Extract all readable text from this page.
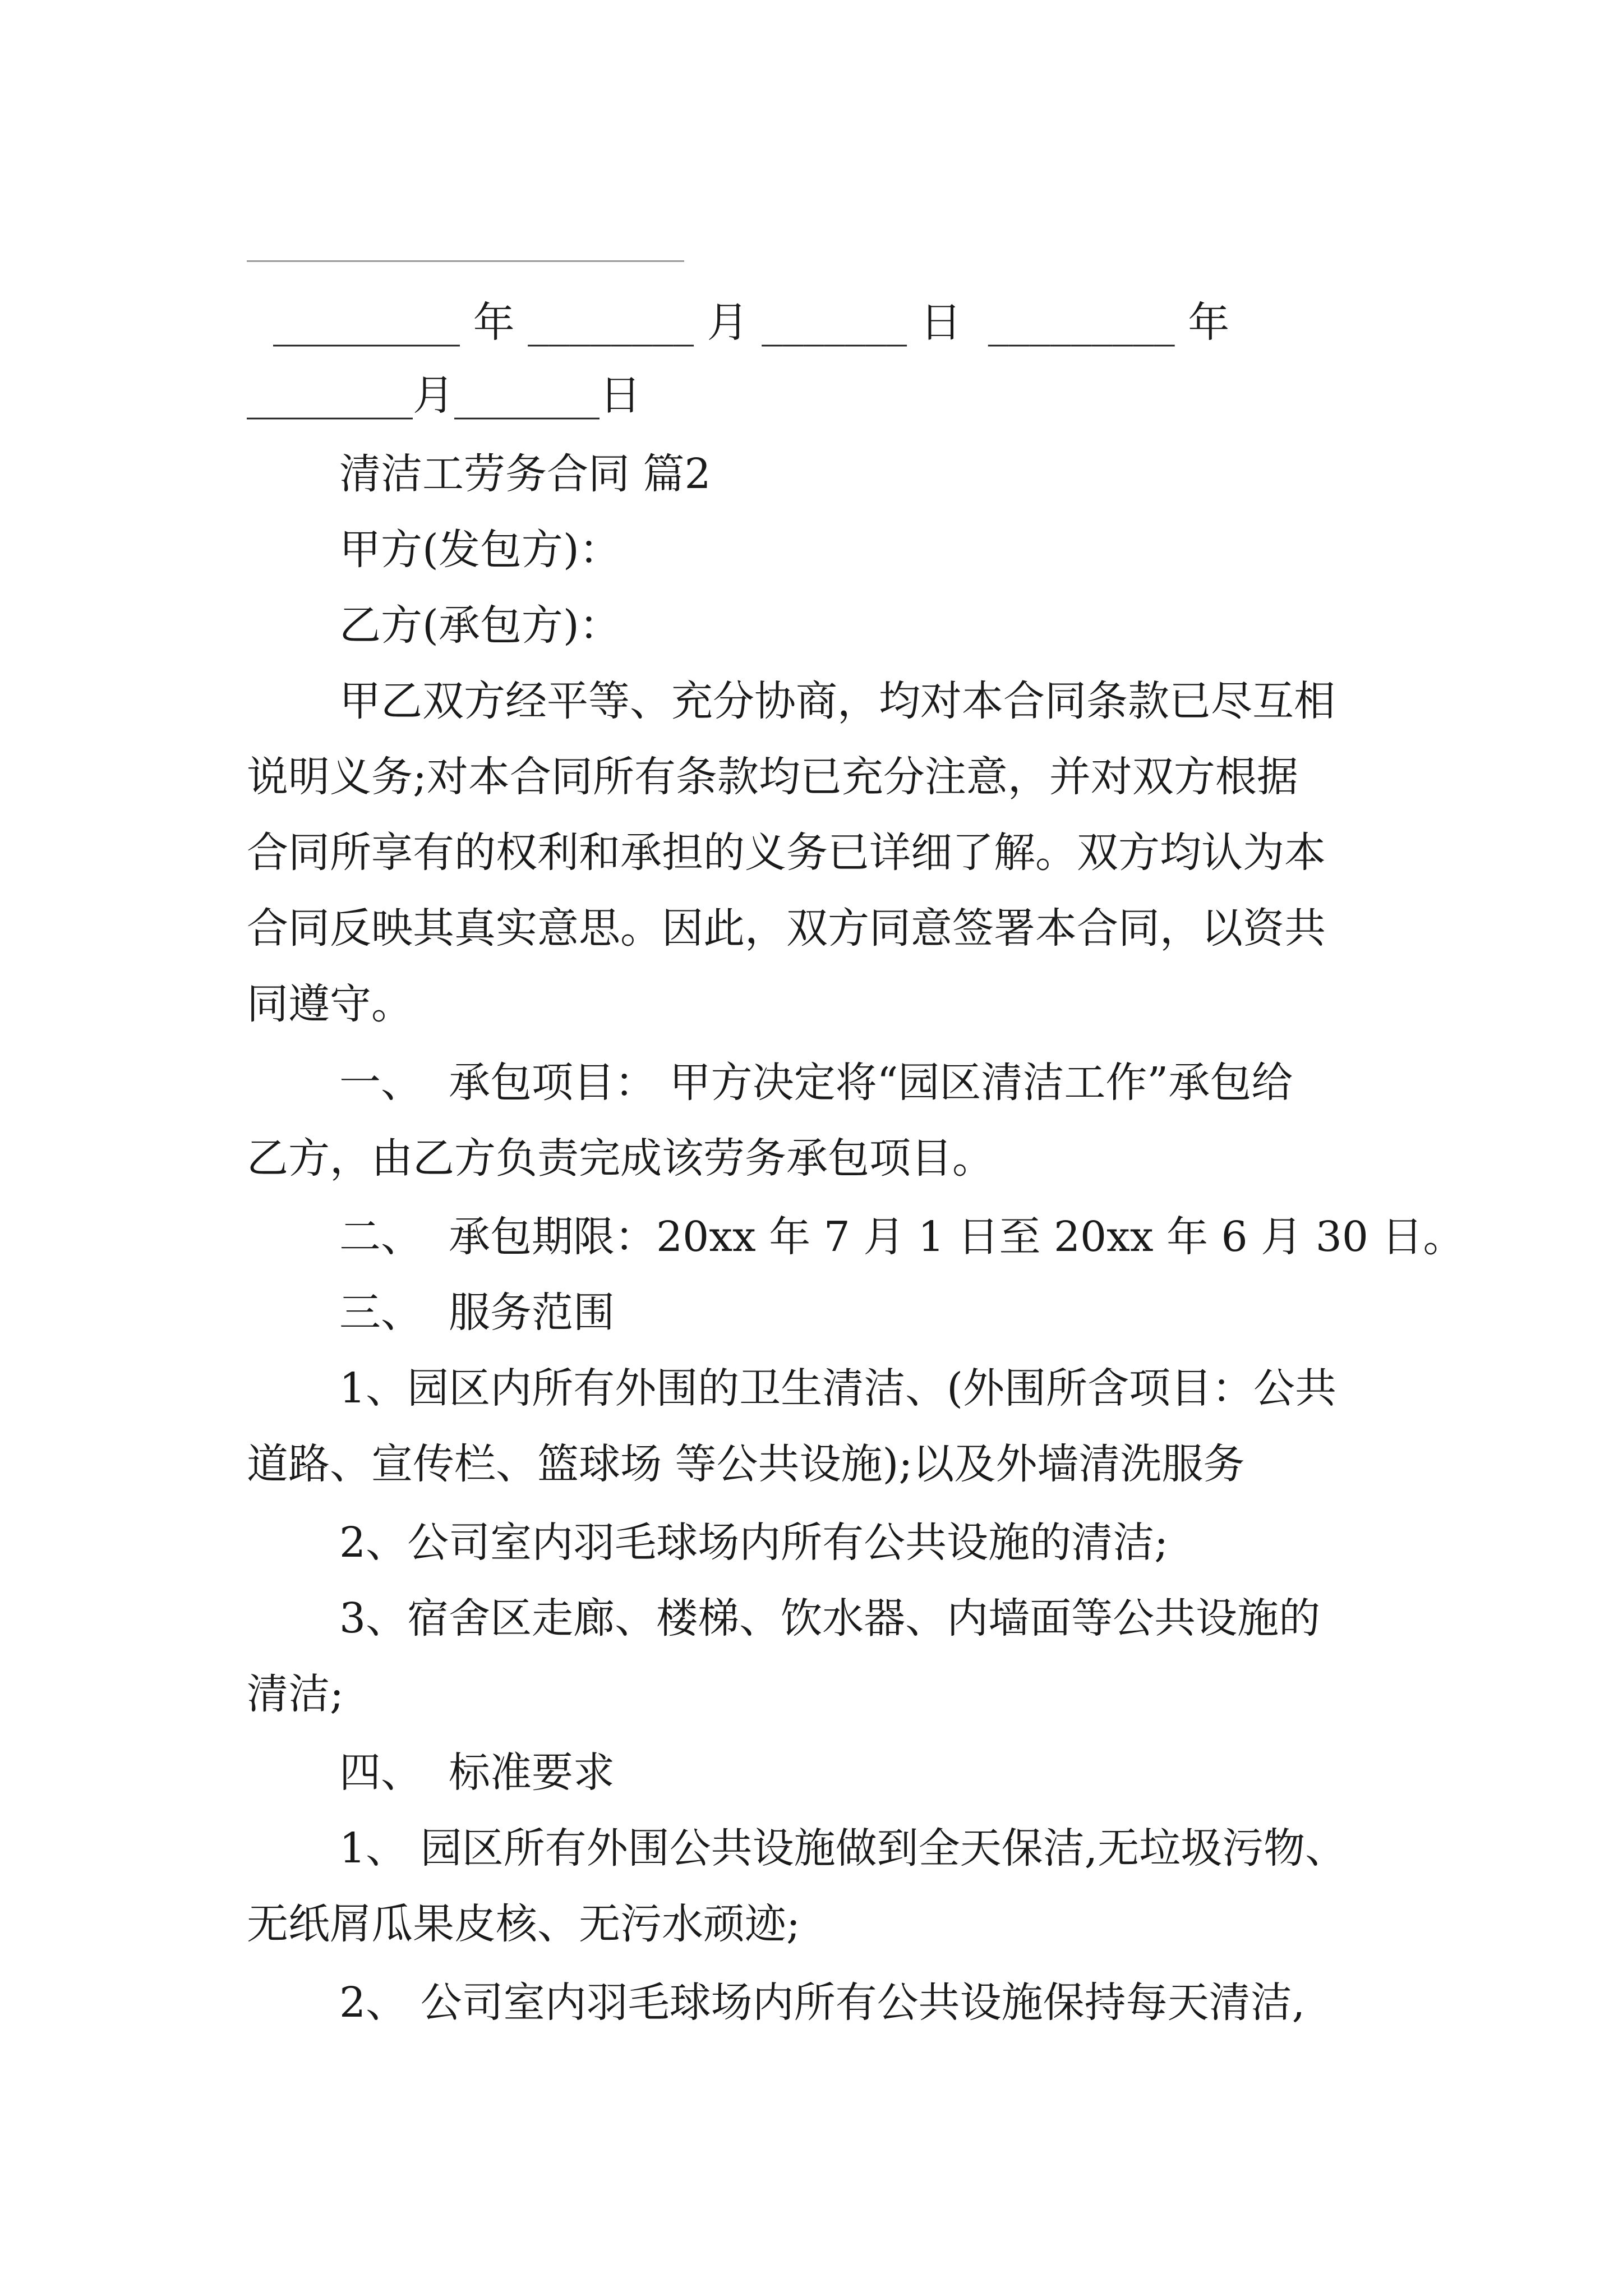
_________ 年 ________ 月 _______ 日  _________ 年
________月_______日
清洁工劳务合同 篇2
甲方(发包方)：
乙方(承包方)：
甲乙双方经平等、充分协商，均对本合同条款已尽互相
说明义务;对本合同所有条款均已充分注意，并对双方根据
合同所享有的权利和承担的义务已详细了解。双方均认为本
合同反映其真实意思。因此，双方同意签署本合同，以资共
同遵守。
一、  承包项目： 甲方决定将“园区清洁工作”承包给
乙方，由乙方负责完成该劳务承包项目。
二、  承包期限：20xx 年 7 月 1 日至 20xx 年 6 月 30 日。
三、  服务范围
1、园区内所有外围的卫生清洁、(外围所含项目：公共
道路、宣传栏、篮球场 等公共设施);以及外墙清洗服务
2、公司室内羽毛球场内所有公共设施的清洁;
3、宿舍区走廊、楼梯、饮水器、内墙面等公共设施的
清洁;
四、  标准要求
1、 园区所有外围公共设施做到全天保洁,无垃圾污物、
无纸屑瓜果皮核、无污水顽迹;
2、 公司室内羽毛球场内所有公共设施保持每天清洁,
